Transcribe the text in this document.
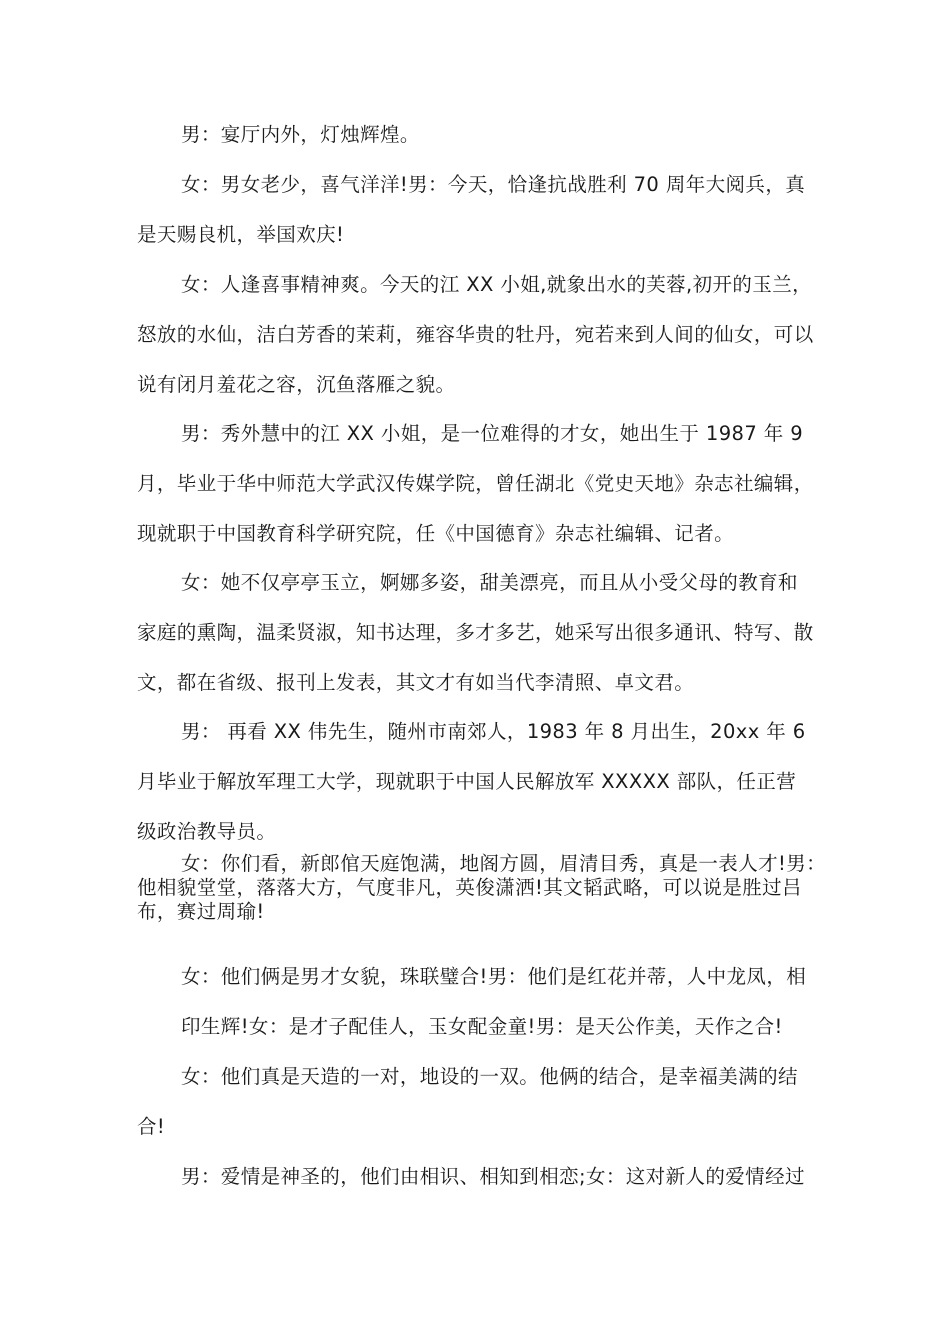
男：宴厅内外，灯烛辉煌。

女：男女老少，喜气洋洋!男：今天，恰逢抗战胜利 70 周年大阅兵，真
是天赐良机，举国欢庆!

女：人逢喜事精神爽。今天的江 XX 小姐,就象出水的芙蓉,初开的玉兰，
怒放的水仙，洁白芳香的茉莉，雍容华贵的牡丹，宛若来到人间的仙女，可以
说有闭月羞花之容，沉鱼落雁之貌。

男：秀外慧中的江 XX 小姐，是一位难得的才女，她出生于 1987 年 9
月，毕业于华中师范大学武汉传媒学院，曾任湖北《党史天地》杂志社编辑，
现就职于中国教育科学研究院，任《中国德育》杂志社编辑、记者。

女：她不仅亭亭玉立，婀娜多姿，甜美漂亮，而且从小受父母的教育和
家庭的熏陶，温柔贤淑，知书达理，多才多艺，她采写出很多通讯、特写、散
文，都在省级、报刊上发表，其文才有如当代李清照、卓文君。

男： 再看 XX 伟先生，随州市南郊人，1983 年 8 月出生，20xx 年 6
月毕业于解放军理工大学，现就职于中国人民解放军 XXXXX 部队，任正营
级政治教导员。

女：你们看，新郎倌天庭饱满，地阁方圆，眉清目秀，真是一表人才!男：
他相貌堂堂，落落大方，气度非凡，英俊潇洒!其文韬武略，可以说是胜过吕
布，赛过周瑜!

女：他们俩是男才女貌，珠联璧合!男：他们是红花并蒂，人中龙凤，相
印生辉!女：是才子配佳人，玉女配金童!男：是天公作美，天作之合!

女：他们真是天造的一对，地设的一双。他俩的结合，是幸福美满的结
合!

男：爱情是神圣的，他们由相识、相知到相恋;女：这对新人的爱情经过
